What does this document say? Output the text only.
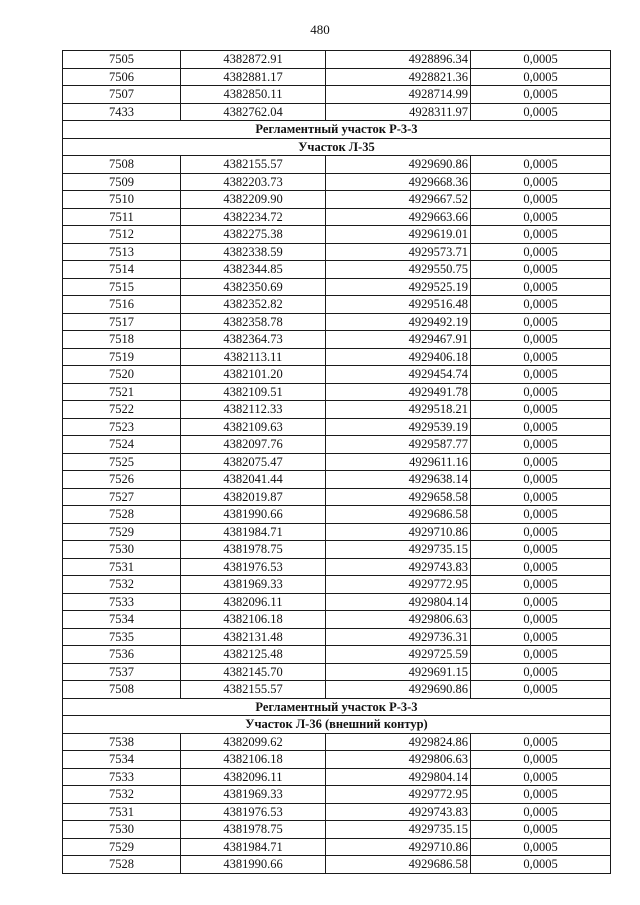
480
7505	4382872.91	4928896.34	0,0005
7506	4382881.17	4928821.36	0,0005
7507	4382850.11	4928714.99	0,0005
7433	4382762.04	4928311.97	0,0005
Регламентный участок Р-3-3			
Участок Л-35			
7508	4382155.57	4929690.86	0,0005
7509	4382203.73	4929668.36	0,0005
7510	4382209.90	4929667.52	0,0005
7511	4382234.72	4929663.66	0,0005
7512	4382275.38	4929619.01	0,0005
7513	4382338.59	4929573.71	0,0005
7514	4382344.85	4929550.75	0,0005
7515	4382350.69	4929525.19	0,0005
7516	4382352.82	4929516.48	0,0005
7517	4382358.78	4929492.19	0,0005
7518	4382364.73	4929467.91	0,0005
7519	4382113.11	4929406.18	0,0005
7520	4382101.20	4929454.74	0,0005
7521	4382109.51	4929491.78	0,0005
7522	4382112.33	4929518.21	0,0005
7523	4382109.63	4929539.19	0,0005
7524	4382097.76	4929587.77	0,0005
7525	4382075.47	4929611.16	0,0005
7526	4382041.44	4929638.14	0,0005
7527	4382019.87	4929658.58	0,0005
7528	4381990.66	4929686.58	0,0005
7529	4381984.71	4929710.86	0,0005
7530	4381978.75	4929735.15	0,0005
7531	4381976.53	4929743.83	0,0005
7532	4381969.33	4929772.95	0,0005
7533	4382096.11	4929804.14	0,0005
7534	4382106.18	4929806.63	0,0005
7535	4382131.48	4929736.31	0,0005
7536	4382125.48	4929725.59	0,0005
7537	4382145.70	4929691.15	0,0005
7508	4382155.57	4929690.86	0,0005
Регламентный участок Р-3-3			
Участок Л-36 (внешний контур)			
7538	4382099.62	4929824.86	0,0005
7534	4382106.18	4929806.63	0,0005
7533	4382096.11	4929804.14	0,0005
7532	4381969.33	4929772.95	0,0005
7531	4381976.53	4929743.83	0,0005
7530	4381978.75	4929735.15	0,0005
7529	4381984.71	4929710.86	0,0005
7528	4381990.66	4929686.58	0,0005
